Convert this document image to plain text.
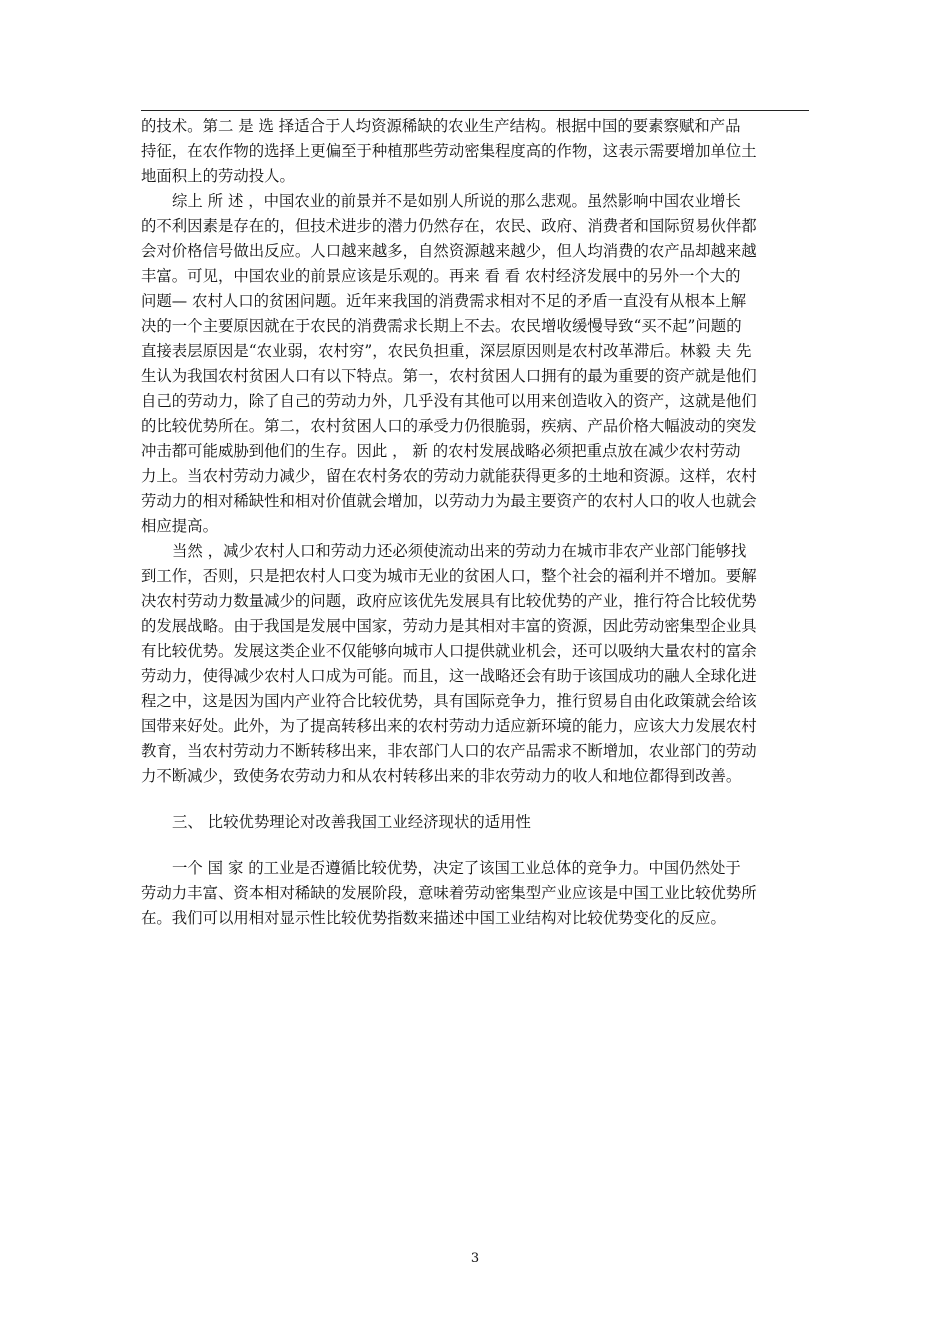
的技术。第二 是 选 择适合于人均资源稀缺的农业生产结构。根据中国的要素察赋和产品
持征，在农作物的选择上更偏至于种植那些劳动密集程度高的作物，这表示需要增加单位土
地面积上的劳动投人。

综上 所 述 ，中国农业的前景并不是如别人所说的那么悲观。虽然影响中国农业增长
的不利因素是存在的，但技术进步的潜力仍然存在，农民、政府、消费者和国际贸易伙伴都
会对价格信号做出反应。人口越来越多，自然资源越来越少，但人均消费的农产品却越来越
丰富。可见，中国农业的前景应该是乐观的。再来 看 看 农村经济发展中的另外一个大的
问题— 农村人口的贫困问题。近年来我国的消费需求相对不足的矛盾一直没有从根本上解
决的一个主要原因就在于农民的消费需求长期上不去。农民增收缓慢导致“买不起”问题的
直接表层原因是“农业弱，农村穷”，农民负担重，深层原因则是农村改革滞后。林毅 夫 先
生认为我国农村贫困人口有以下特点。第一，农村贫困人口拥有的最为重要的资产就是他们
自己的劳动力，除了自己的劳动力外，几乎没有其他可以用来创造收入的资产，这就是他们
的比较优势所在。第二，农村贫困人口的承受力仍很脆弱，疾病、产品价格大幅波动的突发
冲击都可能威胁到他们的生存。因此 ， 新 的农村发展战略必须把重点放在减少农村劳动
力上。当农村劳动力减少，留在农村务农的劳动力就能获得更多的土地和资源。这样，农村
劳动力的相对稀缺性和相对价值就会增加，以劳动力为最主要资产的农村人口的收人也就会
相应提高。

当然 ，减少农村人口和劳动力还必须使流动出来的劳动力在城市非农产业部门能够找
到工作，否则，只是把农村人口变为城市无业的贫困人口，整个社会的福利并不增加。要解
决农村劳动力数量减少的问题，政府应该优先发展具有比较优势的产业，推行符合比较优势
的发展战略。由于我国是发展中国家，劳动力是其相对丰富的资源，因此劳动密集型企业具
有比较优势。发展这类企业不仅能够向城市人口提供就业机会，还可以吸纳大量农村的富余
劳动力，使得减少农村人口成为可能。而且，这一战略还会有助于该国成功的融人全球化进
程之中，这是因为国内产业符合比较优势，具有国际竞争力，推行贸易自由化政策就会给该
国带来好处。此外，为了提高转移出来的农村劳动力适应新环境的能力，应该大力发展农村
教育，当农村劳动力不断转移出来，非农部门人口的农产品需求不断增加，农业部门的劳动
力不断减少，致使务农劳动力和从农村转移出来的非农劳动力的收人和地位都得到改善。

三、 比较优势理论对改善我国工业经济现状的适用性

一个 国 家 的工业是否遵循比较优势，决定了该国工业总体的竞争力。中国仍然处于
劳动力丰富、资本相对稀缺的发展阶段，意味着劳动密集型产业应该是中国工业比较优势所
在。我们可以用相对显示性比较优势指数来描述中国工业结构对比较优势变化的反应。

3
